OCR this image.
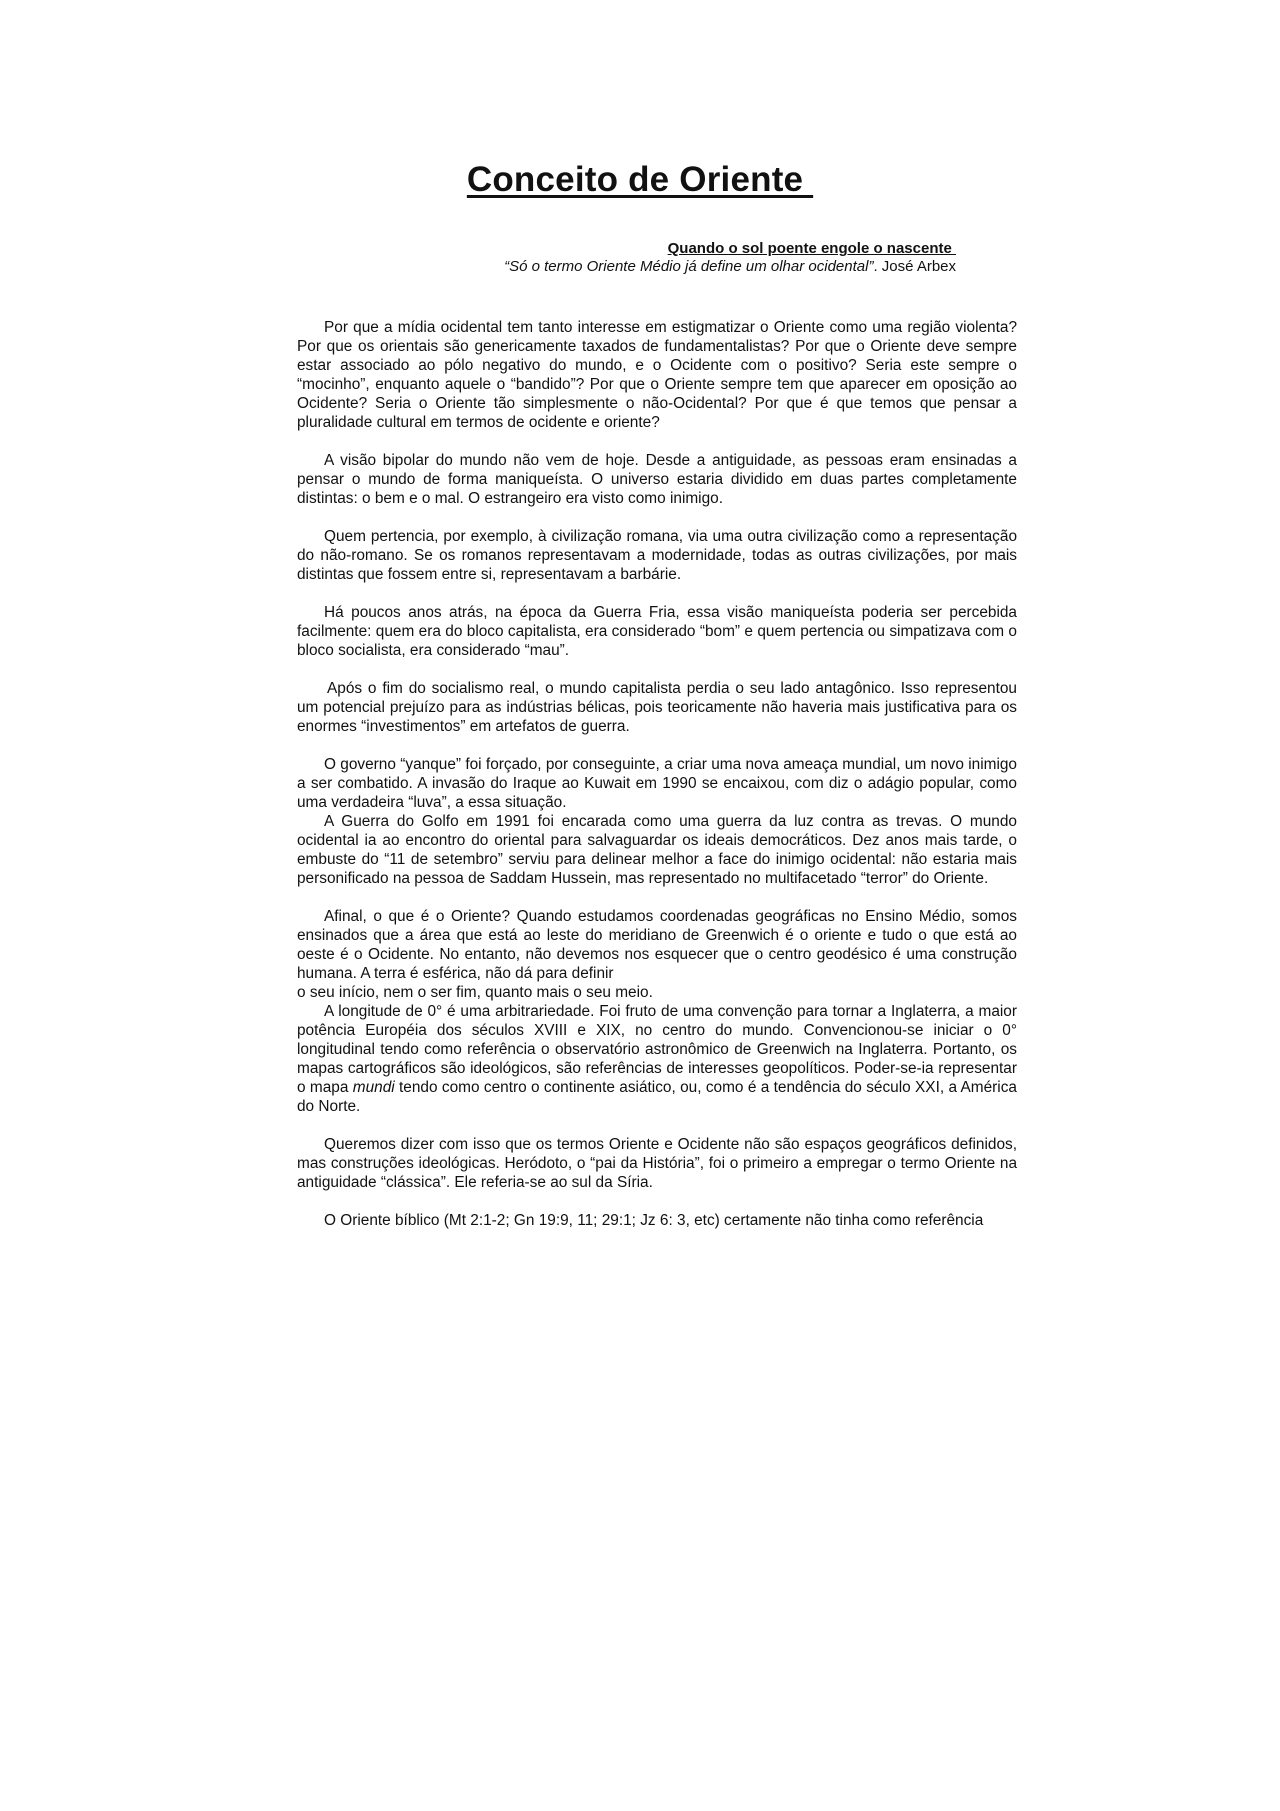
Conceito de Oriente
Quando o sol poente engole o nascente
“Só o termo Oriente Médio já define um olhar ocidental”. José Arbex

Por que a mídia ocidental tem tanto interesse em estigmatizar o Oriente como uma região violenta? Por que os orientais são genericamente taxados de fundamentalistas? Por que o Oriente deve sempre estar associado ao pólo negativo do mundo, e o Ocidente com o positivo? Seria este sempre o “mocinho”, enquanto aquele o “bandido”? Por que o Oriente sempre tem que aparecer em oposição ao Ocidente? Seria o Oriente tão simplesmente o não-Ocidental? Por que é que temos que pensar a pluralidade cultural em termos de ocidente e oriente?

A visão bipolar do mundo não vem de hoje. Desde a antiguidade, as pessoas eram ensinadas a pensar o mundo de forma maniqueísta. O universo estaria dividido em duas partes completamente distintas: o bem e o mal. O estrangeiro era visto como inimigo.

Quem pertencia, por exemplo, à civilização romana, via uma outra civilização como a representação do não-romano. Se os romanos representavam a modernidade, todas as outras civilizações, por mais distintas que fossem entre si, representavam a barbárie.

Há poucos anos atrás, na época da Guerra Fria, essa visão maniqueísta poderia ser percebida facilmente: quem era do bloco capitalista, era considerado “bom” e quem pertencia ou simpatizava com o bloco socialista, era considerado “mau”.

Após o fim do socialismo real, o mundo capitalista perdia o seu lado antagônico. Isso representou um potencial prejuízo para as indústrias bélicas, pois teoricamente não haveria mais justificativa para os enormes “investimentos” em artefatos de guerra.

O governo “yanque” foi forçado, por conseguinte, a criar uma nova ameaça mundial, um novo inimigo a ser combatido. A invasão do Iraque ao Kuwait em 1990 se encaixou, com diz o adágio popular, como uma verdadeira “luva”, a essa situação.

A Guerra do Golfo em 1991 foi encarada como uma guerra da luz contra as trevas. O mundo ocidental ia ao encontro do oriental para salvaguardar os ideais democráticos. Dez anos mais tarde, o embuste do “11 de setembro” serviu para delinear melhor a face do inimigo ocidental: não estaria mais personificado na pessoa de Saddam Hussein, mas representado no multifacetado “terror” do Oriente.

Afinal, o que é o Oriente? Quando estudamos coordenadas geográficas no Ensino Médio, somos ensinados que a área que está ao leste do meridiano de Greenwich é o oriente e tudo o que está ao oeste é o Ocidente. No entanto, não devemos nos esquecer que o centro geodésico é uma construção humana. A terra é esférica, não dá para definir

o seu início, nem o ser fim, quanto mais o seu meio.

A longitude de 0° é uma arbitrariedade. Foi fruto de uma convenção para tornar a Inglaterra, a maior potência Européia dos séculos XVIII e XIX, no centro do mundo. Convencionou-se iniciar o 0° longitudinal tendo como referência o observatório astronômico de Greenwich na Inglaterra. Portanto, os mapas cartográficos são ideológicos, são referências de interesses geopolíticos. Poder-se-ia representar o mapa mundi tendo como centro o continente asiático, ou, como é a tendência do século XXI, a América do Norte.

Queremos dizer com isso que os termos Oriente e Ocidente não são espaços geográficos definidos, mas construções ideológicas. Heródoto, o “pai da História”, foi o primeiro a empregar o termo Oriente na antiguidade “clássica”. Ele referia-se ao sul da Síria.

O Oriente bíblico (Mt 2:1-2; Gn 19:9, 11; 29:1; Jz 6: 3, etc) certamente não tinha como referência
